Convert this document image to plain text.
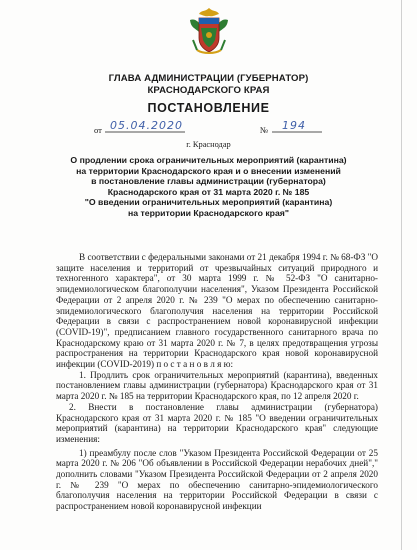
ГЛАВА АДМИНИСТРАЦИИ (ГУБЕРНАТОР)
КРАСНОДАРСКОГО КРАЯ
ПОСТАНОВЛЕНИЕ
от 05.04.2020	№ 194
г. Краснодар
О продлении срока ограничительных мероприятий (карантина)
на территории Краснодарского края и о внесении изменений
в постановление главы администрации (губернатора)
Краснодарского края от 31 марта 2020 г. № 185
"О введении ограничительных мероприятий (карантина)
на территории Краснодарского края"

В соответствии с федеральными законами от 21 декабря 1994 г. № 68-ФЗ "О защите населения и территорий от чрезвычайных ситуаций природного и техногенного характера", от 30 марта 1999 г. № 52-ФЗ "О санитарно-эпидемиологическом благополучии населения", Указом Президента Российской Федерации от 2 апреля 2020 г. № 239 "О мерах по обеспечению санитарно-эпидемиологического благополучия населения на территории Российской Федерации в связи с распространением новой коронавирусной инфекции (COVID-19)", предписанием главного государственного санитарного врача по Краснодарскому краю от 31 марта 2020 г. № 7, в целях предотвращения угрозы распространения на территории Краснодарского края новой коронавирусной инфекции (COVID-2019) п о с т а н о в л я ю:

1. Продлить срок ограничительных мероприятий (карантина), введенных постановлением главы администрации (губернатора) Краснодарского края от 31 марта 2020 г. № 185 на территории Краснодарского края, по 12 апреля 2020 г.

2. Внести в постановление главы администрации (губернатора) Краснодарского края от 31 марта 2020 г. № 185 "О введении ограничительных мероприятий (карантина) на территории Краснодарского края" следующие изменения:

1) преамбулу после слов "Указом Президента Российской Федерации от 25 марта 2020 г. № 206 "Об объявлении в Российской Федерации нерабочих дней"," дополнить словами "Указом Президента Российской Федерации от 2 апреля 2020 г. № 239 "О мерах по обеспечению санитарно-эпидемиологического благополучия населения на территории Российской Федерации в связи с распространением новой коронавирусной инфекции
